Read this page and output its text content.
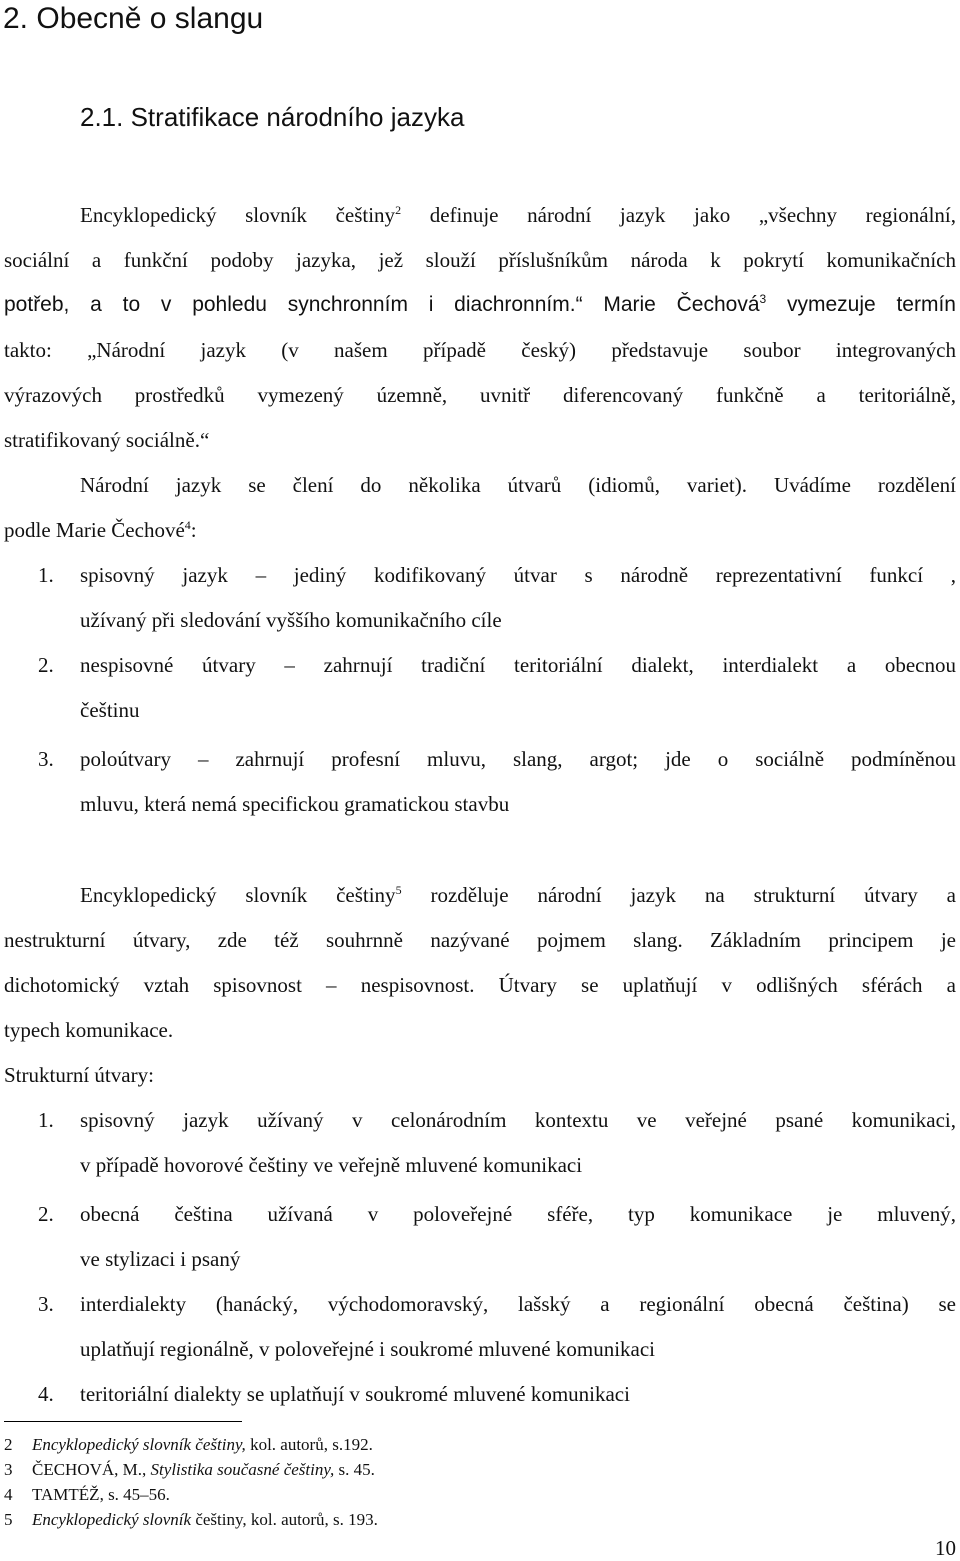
2. Obecně o slangu
2.1. Stratifikace národního jazyka
Encyklopedický slovník češtiny$^2$ definuje národní jazyk jako „všechny regionální,
sociální a funkční podoby jazyka, jež slouží příslušníkům národa k pokrytí komunikačních
potřeb, a to v pohledu synchronním i diachronním.“ Marie Čechová$^3$ vymezuje termín
takto: „Národní jazyk (v našem případě český) představuje soubor integrovaných
výrazových prostředků vymezený územně, uvnitř diferencovaný funkčně a teritoriálně,
stratifikovaný sociálně.“
Národní jazyk se člení do několika útvarů (idiomů, variet). Uvádíme rozdělení
podle Marie Čechové$^4$:
1. spisovný jazyk – jediný kodifikovaný útvar s národně reprezentativní funkcí ,
užívaný při sledování vyššího komunikačního cíle
2. nespisovné útvary – zahrnují tradiční teritoriální dialekt, interdialekt a obecnou
češtinu
3. poloútvary – zahrnují profesní mluvu, slang, argot; jde o sociálně podmíněnou
mluvu, která nemá specifickou gramatickou stavbu
Encyklopedický slovník češtiny$^5$ rozděluje národní jazyk na strukturní útvary a
nestrukturní útvary, zde též souhrnně nazývané pojmem slang. Základním principem je
dichotomický vztah spisovnost – nespisovnost. Útvary se uplatňují v odlišných sférách a
typech komunikace.
Strukturní útvary:
1. spisovný jazyk užívaný v celonárodním kontextu ve veřejné psané komunikaci,
v případě hovorové češtiny ve veřejně mluvené komunikaci
2. obecná čeština užívaná v poloveřejné sféře, typ komunikace je mluvený,
ve stylizaci i psaný
3. interdialekty (hanácký, východomoravský, lašský a regionální obecná čeština) se
uplatňují regionálně, v poloveřejné i soukromé mluvené komunikaci
4. teritoriální dialekty se uplatňují v soukromé mluvené komunikaci
2 Encyklopedický slovník češtiny, kol. autorů, s.192.
3 ČECHOVÁ, M., Stylistika současné češtiny, s. 45.
4 TAMTÉŽ, s. 45–56.
5 Encyklopedický slovník češtiny, kol. autorů, s. 193.
10
